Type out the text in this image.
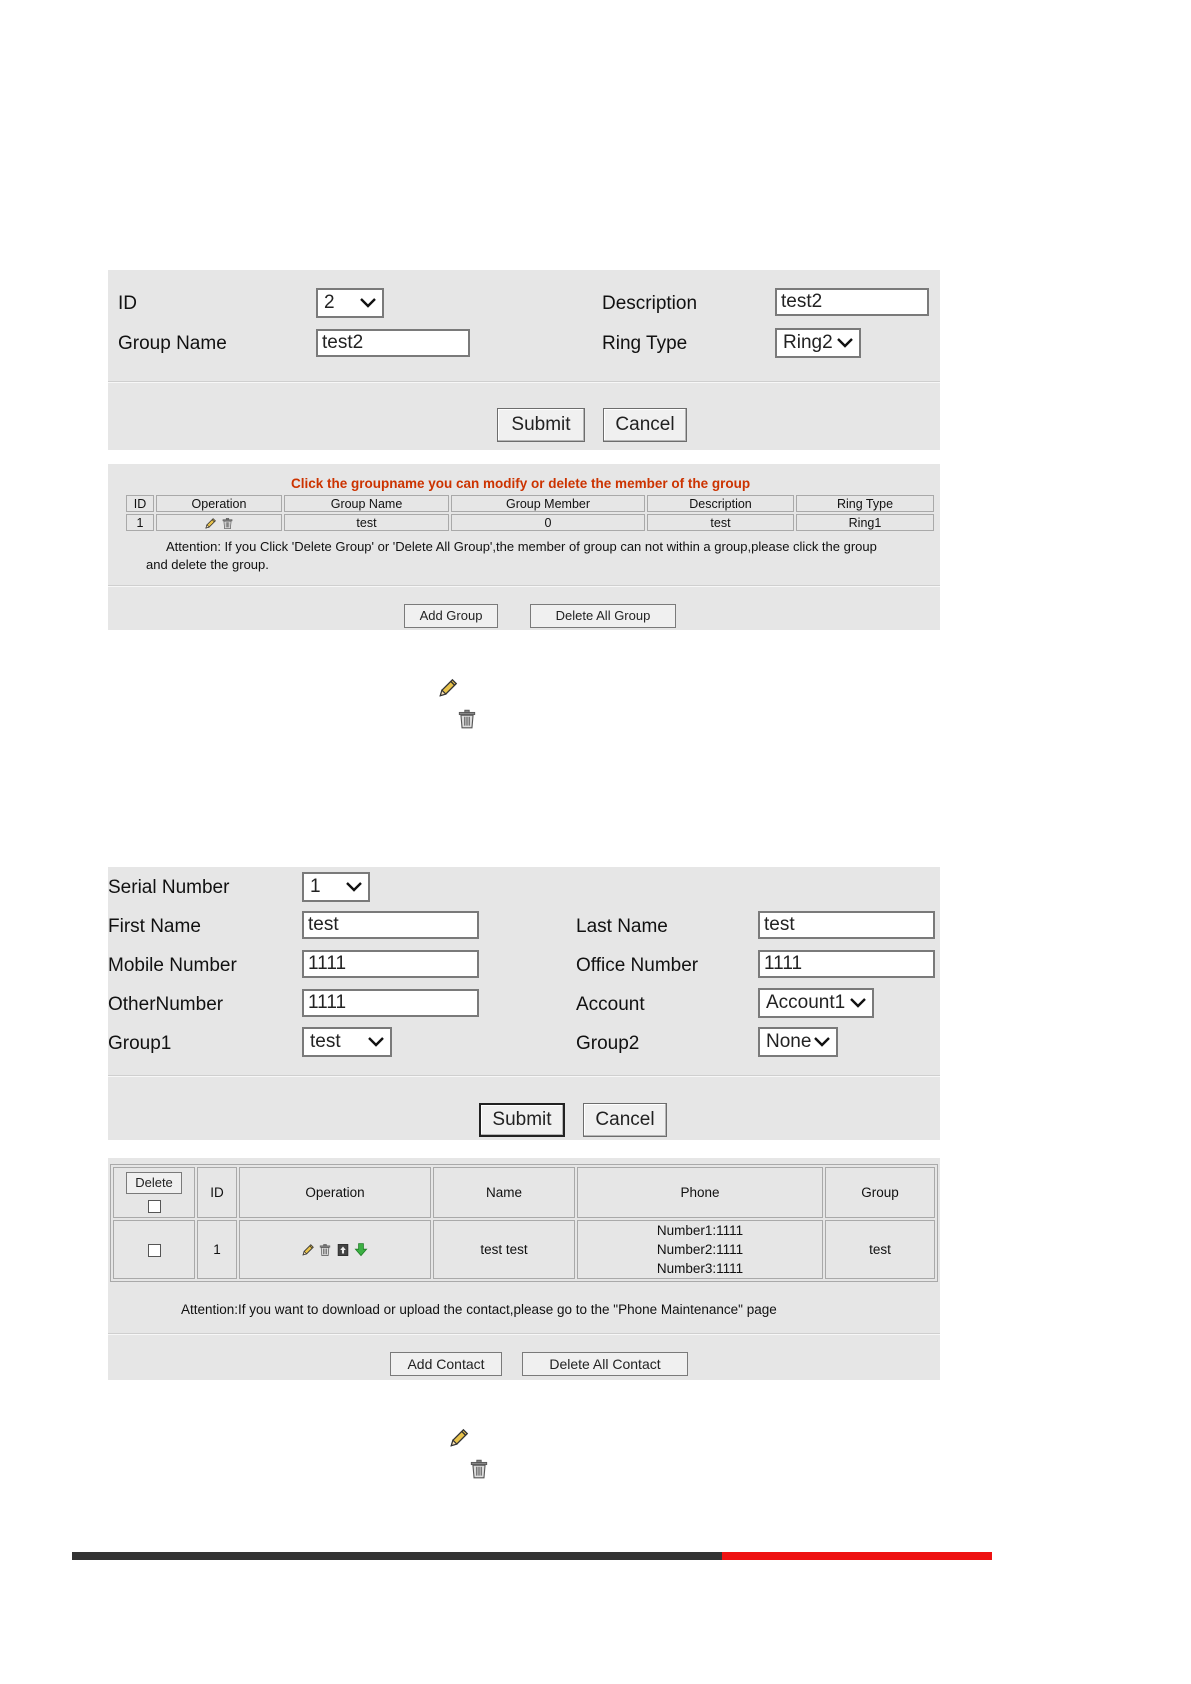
ID	2
Group Name	test2
Description	test2
Ring Type	Ring2
Submit	Cancel
Click the groupname you can modify or delete the member of the group
ID	Operation	Group Name	Group Member	Description	Ring Type
1		test	0	test	Ring1
Attention: If you Click 'Delete Group' or 'Delete All Group',the member of group can not within a group,please click the group
and delete the group.
Add Group	Delete All Group
Serial Number	1
First Name	test	Last Name	test
Mobile Number	1111	Office Number	1111
OtherNumber	1111	Account	Account1
Group1	test	Group2	None
Submit	Cancel
Delete	ID	Operation	Name	Phone	Group
	1		test test	Number1:1111
Number2:1111
Number3:1111	test
Attention:If you want to download or upload the contact,please go to the "Phone Maintenance" page
Add Contact	Delete All Contact
